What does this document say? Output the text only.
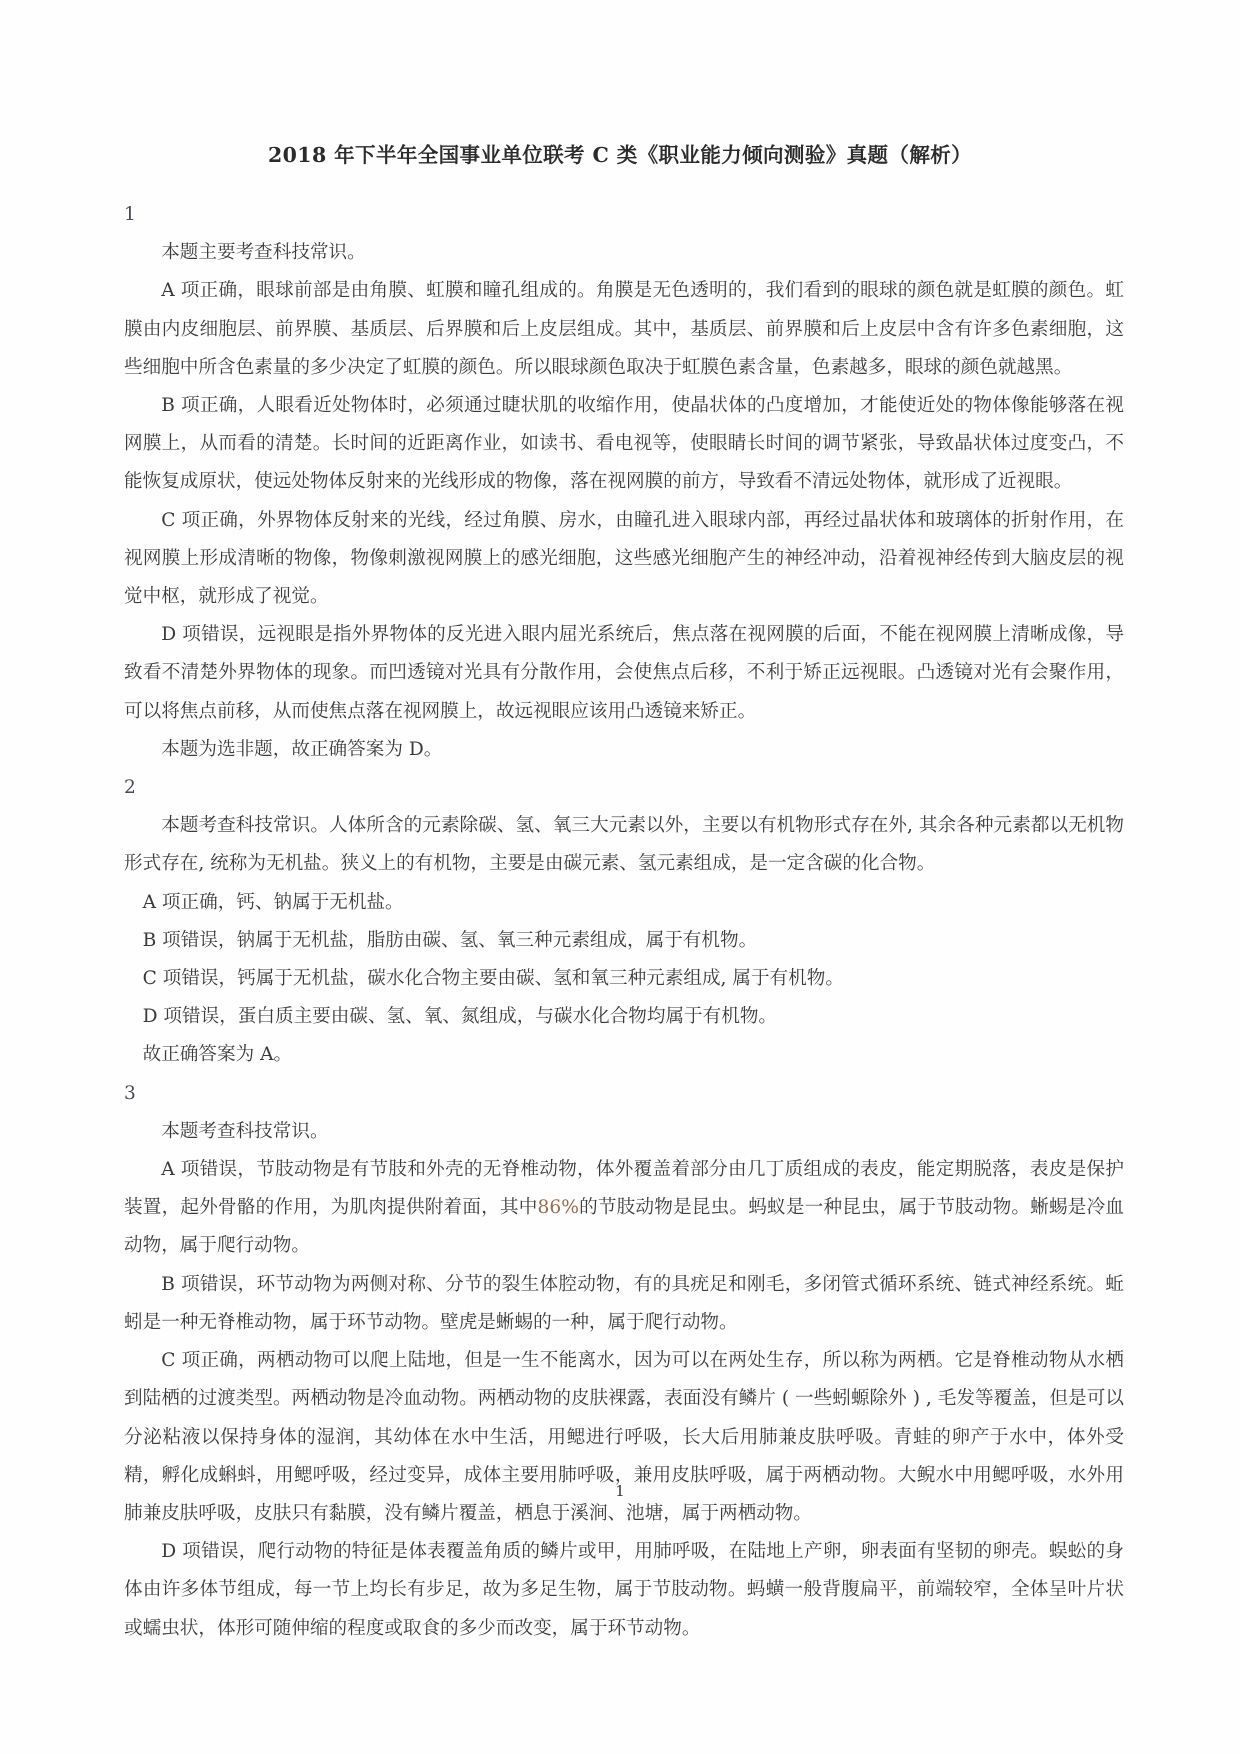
2018 年下半年全国事业单位联考 C 类《职业能力倾向测验》真题（解析）

1

本题主要考查科技常识。

A 项正确，眼球前部是由角膜、虹膜和瞳孔组成的。角膜是无色透明的，我们看到的眼球的颜色就是虹膜的颜色。虹膜由内皮细胞层、前界膜、基质层、后界膜和后上皮层组成。其中，基质层、前界膜和后上皮层中含有许多色素细胞，这些细胞中所含色素量的多少决定了虹膜的颜色。所以眼球颜色取决于虹膜色素含量，色素越多，眼球的颜色就越黑。

B 项正确，人眼看近处物体时，必须通过睫状肌的收缩作用，使晶状体的凸度增加，才能使近处的物体像能够落在视网膜上，从而看的清楚。长时间的近距离作业，如读书、看电视等，使眼睛长时间的调节紧张，导致晶状体过度变凸，不能恢复成原状，使远处物体反射来的光线形成的物像，落在视网膜的前方，导致看不清远处物体，就形成了近视眼。

C 项正确，外界物体反射来的光线，经过角膜、房水，由瞳孔进入眼球内部，再经过晶状体和玻璃体的折射作用，在视网膜上形成清晰的物像，物像刺激视网膜上的感光细胞，这些感光细胞产生的神经冲动，沿着视神经传到大脑皮层的视觉中枢，就形成了视觉。

D 项错误，远视眼是指外界物体的反光进入眼内屈光系统后，焦点落在视网膜的后面，不能在视网膜上清晰成像，导致看不清楚外界物体的现象。而凹透镜对光具有分散作用，会使焦点后移，不利于矫正远视眼。凸透镜对光有会聚作用，可以将焦点前移，从而使焦点落在视网膜上，故远视眼应该用凸透镜来矫正。

本题为选非题，故正确答案为 D。

2

本题考查科技常识。人体所含的元素除碳、氢、氧三大元素以外，主要以有机物形式存在外, 其余各种元素都以无机物形式存在, 统称为无机盐。狭义上的有机物，主要是由碳元素、氢元素组成，是一定含碳的化合物。

A 项正确，钙、钠属于无机盐。

B 项错误，钠属于无机盐，脂肪由碳、氢、氧三种元素组成，属于有机物。

C 项错误，钙属于无机盐，碳水化合物主要由碳、氢和氧三种元素组成, 属于有机物。

D 项错误，蛋白质主要由碳、氢、氧、氮组成，与碳水化合物均属于有机物。

故正确答案为 A。

3

本题考查科技常识。

A 项错误，节肢动物是有节肢和外壳的无脊椎动物，体外覆盖着部分由几丁质组成的表皮，能定期脱落，表皮是保护装置，起外骨骼的作用，为肌肉提供附着面，其中86%的节肢动物是昆虫。蚂蚁是一种昆虫，属于节肢动物。蜥蜴是冷血动物，属于爬行动物。

B 项错误，环节动物为两侧对称、分节的裂生体腔动物，有的具疣足和刚毛，多闭管式循环系统、链式神经系统。蚯蚓是一种无脊椎动物，属于环节动物。壁虎是蜥蜴的一种，属于爬行动物。

C 项正确，两栖动物可以爬上陆地，但是一生不能离水，因为可以在两处生存，所以称为两栖。它是脊椎动物从水栖到陆栖的过渡类型。两栖动物是冷血动物。两栖动物的皮肤裸露，表面没有鳞片 ( 一些蚓螈除外 ) , 毛发等覆盖，但是可以分泌粘液以保持身体的湿润，其幼体在水中生活，用鳃进行呼吸，长大后用肺兼皮肤呼吸。青蛙的卵产于水中，体外受精，孵化成蝌蚪，用鳃呼吸，经过变异，成体主要用肺呼吸，兼用皮肤呼吸，属于两栖动物。大鲵水中用鳃呼吸，水外用肺兼皮肤呼吸，皮肤只有黏膜，没有鳞片覆盖，栖息于溪涧、池塘，属于两栖动物。

D 项错误，爬行动物的特征是体表覆盖角质的鳞片或甲，用肺呼吸，在陆地上产卵，卵表面有坚韧的卵壳。蜈蚣的身体由许多体节组成，每一节上均长有步足，故为多足生物，属于节肢动物。蚂蟥一般背腹扁平，前端较窄，全体呈叶片状或蠕虫状，体形可随伸缩的程度或取食的多少而改变，属于环节动物。

1
